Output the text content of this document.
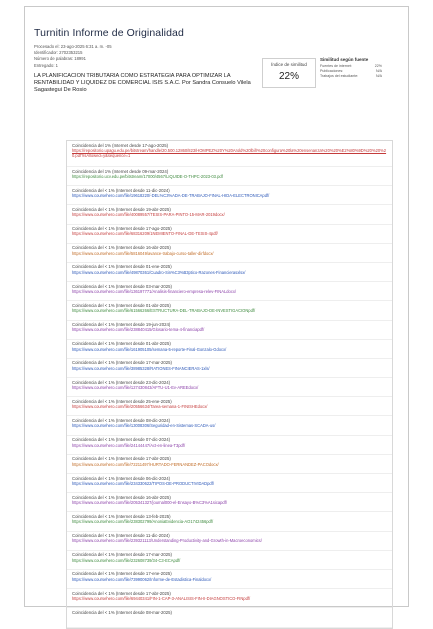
Turnitin Informe de Originalidad
Procesado el: 23-ago-2025 6:31 a. m. -05
Identificador: 2702353215
Número de palabras: 18991
Entregado: 1
LA PLANIFICACION TRIBUTARIA COMO ESTRATEGIA PARA OPTIMIZAR LA RENTABILIDAD Y LIQUIDEZ DE COMERCIAL ISIS S.A.C. Por Sandra Consuelo Vilela Sagastegui De Rosio
Índice de similitud
22%
Similitud según fuente
Fuentes de internet:	22%
Publicaciones:	N/A
Trabajos del estudiante:	N/A
Coincidencia del 1% (Internet desde 17-ago-2025)
https://repositorio.upagu.edu.pe/bitstream/handle/20.500.12860/823/HOMPEZ%20Y%20Arold%20lbiñ%20configura%20la%20ensenanza%20%20%E2%80%9D%20%20%20.pdf?isAllowed=y&sequence=1
Coincidencia del 1% (Internet desde 09-mar-2024)
https://repositorio.ucv.edu.pe/bitstream/17000/4567/LIQUIDE-O-THPC-2023-03.pdf
Coincidencia del < 1% (Internet desde 11-dic-2024)
https://www.coursehero.com/file/19618220/-DEL%C3%ADA-DE-TRABAJO-FINAL-HIDA-ELECTRONICApdf/
Coincidencia del < 1% (Internet desde 19-abr-2025)
https://www.coursehero.com/file/40089557/TESIS-PARA-PINTO-15-MAR-2019docx/
Coincidencia del < 1% (Internet desde 17-ago-2025)
https://www.coursehero.com/file/68316209/1NEMIENTO-FINAL-DE-TESIS-4pdf/
Coincidencia del < 1% (Internet desde 16-abr-2025)
https://www.coursehero.com/file/5816049/avance-trabajo-curso-taller-dirfdocx/
Coincidencia del < 1% (Internet desde 01-ene-2025)
https://www.coursehero.com/file/49870361/Cuadro-Sin%C3%B3ptico-Razones-Financierasxlsx/
Coincidencia del < 1% (Internet desde 03-mar-2025)
https://www.coursehero.com/file/136197771/Analisis-financiero-empresa-relev-FINALdocx/
Coincidencia del < 1% (Internet desde 01-abr-2025)
https://www.coursehero.com/file/61566266/ESTRUCTURA-DEL-TRABAJO-DE-INVESTIGACIONpdf/
Coincidencia del < 1% (Internet desde 19-jun-2024)
https://www.coursehero.com/file/238840415/Glosario-tema-4-financiapdf/
Coincidencia del < 1% (Internet desde 01-abr-2025)
https://www.coursehero.com/file/161905105/semana-5-reporte-Final-Gonzalo-Gdocx/
Coincidencia del < 1% (Internet desde 17-mar-2025)
https://www.coursehero.com/file/38985328/RATIONES-FINANCIERAS-1xls/
Coincidencia del < 1% (Internet desde 23-dic-2024)
https://www.coursehero.com/file/127430843/AFTU-U1-Ev-AREEdocx/
Coincidencia del < 1% (Internet desde 25-ene-2025)
https://www.coursehero.com/file/20556634/Tarea-semana-1-FINISHEdocx/
Coincidencia del < 1% (Internet desde 08-dic-2024)
https://www.coursehero.com/file/13008306/Seguridad-en-Sistemas-SCADA-us/
Coincidencia del < 1% (Internet desde 07-dic-2024)
https://www.coursehero.com/file/24144447/Act-en-linea-T3pdf/
Coincidencia del < 1% (Internet desde 17-abr-2025)
https://www.coursehero.com/file/72211497/HURTADO-FERNANDEZ-PACOdocx/
Coincidencia del < 1% (Internet desde 06-dic-2024)
https://www.coursehero.com/file/234330622/TIPOS-DE-PRODUCTIVIDADpdf/
Coincidencia del < 1% (Internet desde 16-abr-2025)
https://www.coursehero.com/file/205341327/journal000-el-Ensayo-B%C3%A1sicapdf/
Coincidencia del < 1% (Internet desde 13-feb-2025)
https://www.coursehero.com/file/238302799/AnoniaEvidencia-AO1742456pdf/
Coincidencia del < 1% (Internet desde 11-dic-2024)
https://www.coursehero.com/file/239321113/Understanding-Productivity-and-Growth-in-Macroeconomics/
Coincidencia del < 1% (Internet desde 17-mar-2025)
https://www.coursehero.com/file/232608739/34-C3-ECApdf/
Coincidencia del < 1% (Internet desde 17-ene-2025)
https://www.coursehero.com/file/73990062/Informe-de-Estadistica-Finaldocx/
Coincidencia del < 1% (Internet desde 17-abr-2025)
https://www.coursehero.com/file/69440341/FIN-1-CAP-3-ANALISIS-FIN-II-DIAGNOSTICO-FINpdf/
Coincidencia del < 1% (Internet desde 08-mar-2025)
